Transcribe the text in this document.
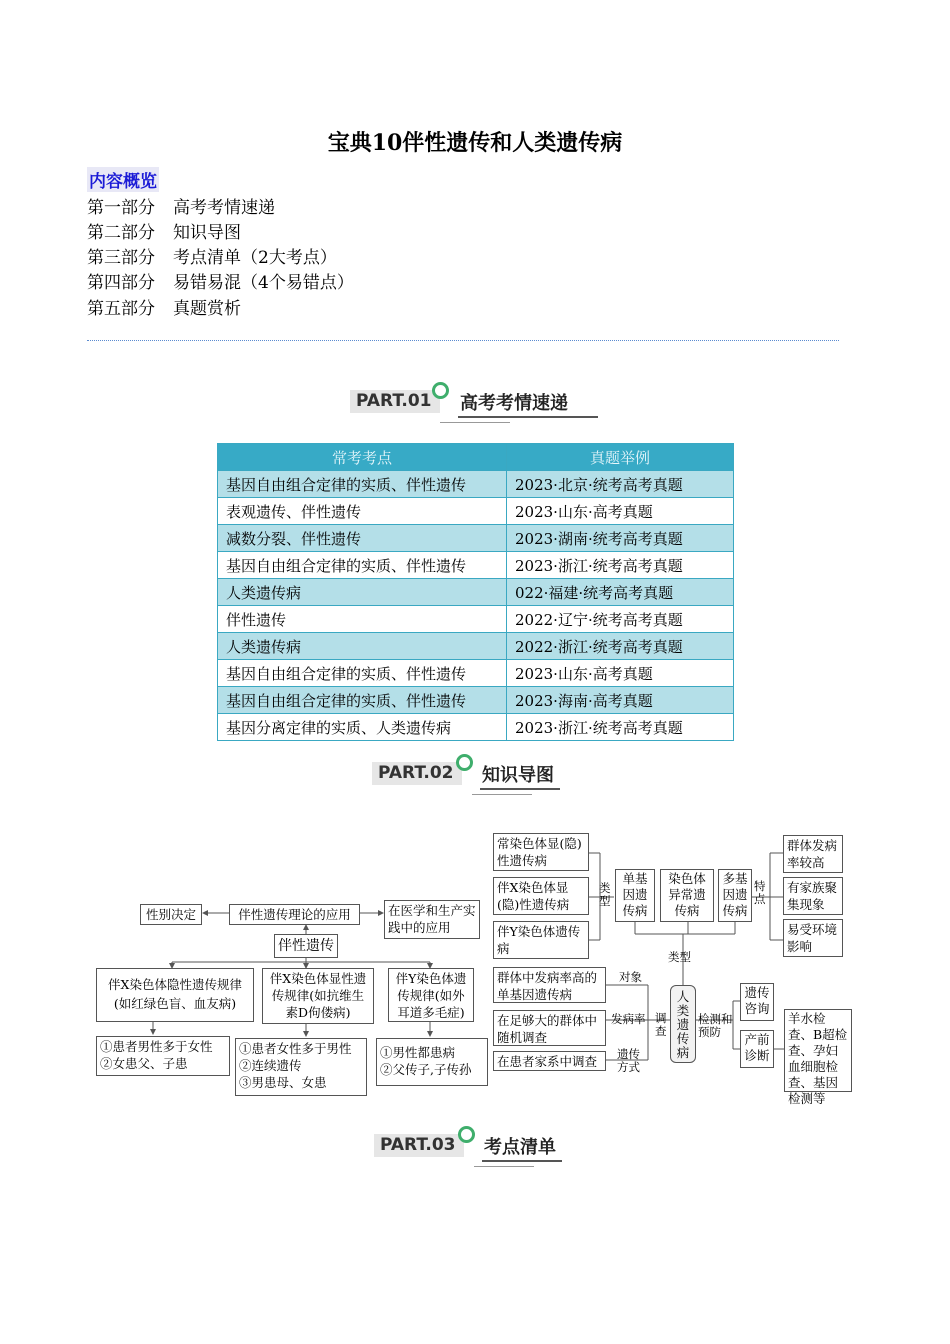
宝典10伴性遗传和人类遗传病
内容概览
第一部分 高考考情速递
第二部分 知识导图
第三部分 考点清单（2大考点）
第四部分 易错易混（4个易错点）
第五部分 真题赏析
PART.01	高考考情速递
常考考点	真题举例
基因自由组合定律的实质、伴性遗传	2023·北京·统考高考真题
表观遗传、伴性遗传	2023·山东·高考真题
减数分裂、伴性遗传	2023·湖南·统考高考真题
基因自由组合定律的实质、伴性遗传	2023·浙江·统考高考真题
人类遗传病	022·福建·统考高考真题
伴性遗传	2022·辽宁·统考高考真题
人类遗传病	2022·浙江·统考高考真题
基因自由组合定律的实质、伴性遗传	2023·山东·高考真题
基因自由组合定律的实质、伴性遗传	2023·海南·高考真题
基因分离定律的实质、人类遗传病	2023·浙江·统考高考真题
PART.02	知识导图
性别决定	伴性遗传理论的应用	在医学和生产实践中的应用
伴性遗传
伴X染色体隐性遗传规律(如红绿色盲、血友病)
伴X染色体显性遗传规律(如抗维生素D佝偻病)
伴Y染色体遗传规律(如外耳道多毛症)
①患者男性多于女性
②女患父、子患
①患者女性多于男性
②连续遗传
③男患母、女患
①男性都患病
②父传子,子传孙
常染色体显(隐)性遗传病
伴X染色体显(隐)性遗传病
伴Y染色体遗传病
类型
单基因遗传病
染色体异常遗传病
多基因遗传病
特点
群体发病率较高
有家族聚集现象
易受环境影响
类型
人类遗传病
群体中发病率高的单基因遗传病
在足够大的群体中随机调查
在患者家系中调查
对象
发病率
遗传方式
调查
检测和预防
遗传咨询
产前诊断
羊水检查、B超检查、孕妇血细胞检查、基因检测等
PART.03	考点清单
